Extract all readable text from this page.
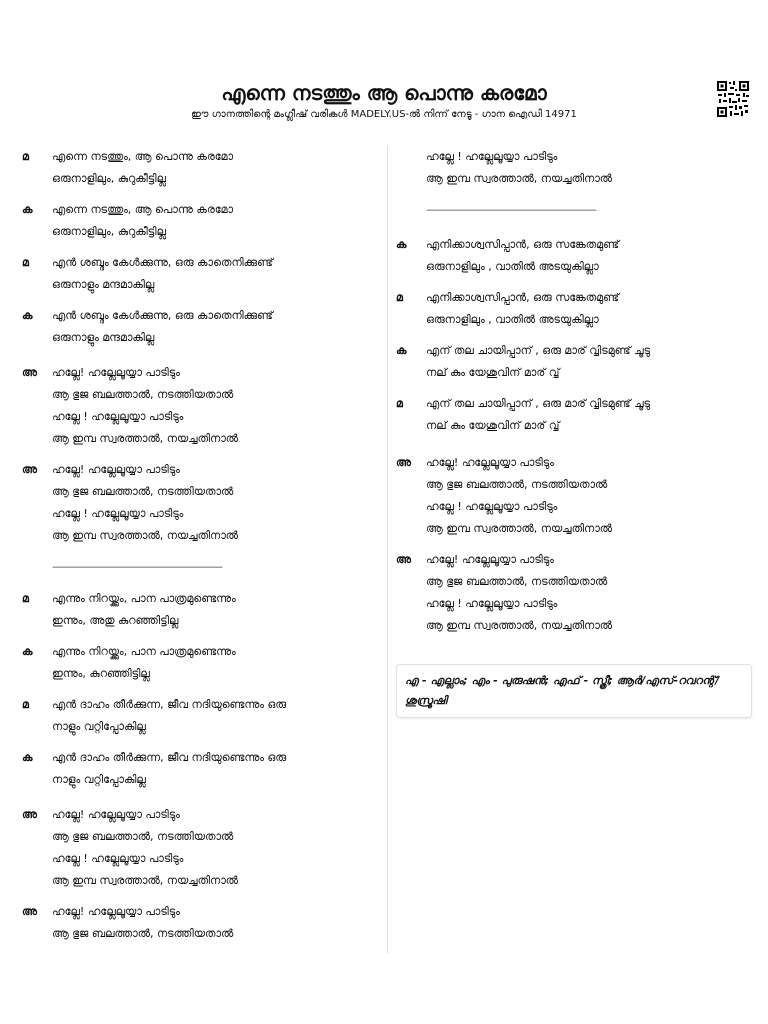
എന്നെ നടത്തും ആ പൊന്നു കരമോ
ഈ ഗാനത്തിന്റെ മംഗ്ലീഷ് വരികൾ MADELY.US-ൽ നിന്ന് നേടൂ - ഗാന ഐഡി 14971
മ	എന്നെ നടത്തും, ആ പൊന്നു കരമോ
ഒരുനാളിലും, കുറുകീട്ടില്ല
ക	എന്നെ നടത്തും, ആ പൊന്നു കരമോ
ഒരുനാളിലും, കുറുകീട്ടില്ല
മ	എൻ ശബ്ദം കേൾക്കുന്നു, ഒരു കാതെനിക്കുണ്ട്
ഒരുനാളും മന്ദമാകില്ല
ക	എൻ ശബ്ദം കേൾക്കുന്നു, ഒരു കാതെനിക്കുണ്ട്
ഒരുനാളും മന്ദമാകില്ല
അ	ഹല്ലേ! ഹല്ലേലൂയ്യാ പാടിടും
ആ ഭുജ ബലത്താൽ, നടത്തിയതാൽ
ഹല്ലേ ! ഹല്ലേലൂയ്യാ പാടിടും
ആ ഇമ്പ സ്വരത്താൽ, നയച്ചതിനാൽ
അ	ഹല്ലേ! ഹല്ലേലൂയ്യാ പാടിടും
ആ ഭുജ ബലത്താൽ, നടത്തിയതാൽ
ഹല്ലേ ! ഹല്ലേലൂയ്യാ പാടിടും
ആ ഇമ്പ സ്വരത്താൽ, നയച്ചതിനാൽ
—————————————————
മ	എന്നും നിറയ്ക്കും, പാന പാത്രമുണ്ടെന്നും
ഇന്നും, അതു കുറഞ്ഞിട്ടില്ല
ക	എന്നും നിറയ്ക്കും, പാന പാത്രമുണ്ടെന്നും
ഇന്നും, കുറഞ്ഞിട്ടില്ല
മ	എൻ ദാഹം തീർക്കുന്ന, ജീവ നദിയുണ്ടെന്നും ഒരു
നാളും വറ്റിപ്പോകില്ല
ക	എൻ ദാഹം തീർക്കുന്ന, ജീവ നദിയുണ്ടെന്നും ഒരു
നാളും വറ്റിപ്പോകില്ല
അ	ഹല്ലേ! ഹല്ലേലൂയ്യാ പാടിടും
ആ ഭുജ ബലത്താൽ, നടത്തിയതാൽ
ഹല്ലേ ! ഹല്ലേലൂയ്യാ പാടിടും
ആ ഇമ്പ സ്വരത്താൽ, നയച്ചതിനാൽ
അ	ഹല്ലേ! ഹല്ലേലൂയ്യാ പാടിടും
ആ ഭുജ ബലത്താൽ, നടത്തിയതാൽ
ഹല്ലേ ! ഹല്ലേലൂയ്യാ പാടിടും
ആ ഇമ്പ സ്വരത്താൽ, നയച്ചതിനാൽ
—————————————————
ക	എനിക്കാശ്വസിപ്പാൻ, ഒരു സങ്കേതമുണ്ട്
ഒരുനാളിലും , വാതിൽ അടയുകില്ലാ
മ	എനിക്കാശ്വസിപ്പാൻ, ഒരു സങ്കേതമുണ്ട്
ഒരുനാളിലും , വാതിൽ അടയുകില്ലാ
ക	എന് തല ചായിപ്പാന് , ഒരു മാര് വ്വിടമുണ്ട് ചൂടു
നല് കും യേശുവിന് മാര് വ്വ്
മ	എന് തല ചായിപ്പാന് , ഒരു മാര് വ്വിടമുണ്ട് ചൂടു
നല് കും യേശുവിന് മാര് വ്വ്
അ	ഹല്ലേ! ഹല്ലേലൂയ്യാ പാടിടും
ആ ഭുജ ബലത്താൽ, നടത്തിയതാൽ
ഹല്ലേ ! ഹല്ലേലൂയ്യാ പാടിടും
ആ ഇമ്പ സ്വരത്താൽ, നയച്ചതിനാൽ
അ	ഹല്ലേ! ഹല്ലേലൂയ്യാ പാടിടും
ആ ഭുജ ബലത്താൽ, നടത്തിയതാൽ
ഹല്ലേ ! ഹല്ലേലൂയ്യാ പാടിടും
ആ ഇമ്പ സ്വരത്താൽ, നയച്ചതിനാൽ
എ - എല്ലാം; എം - പുരുഷൻ; എഫ് - സ്ത്രീ; ആർ/എസ്-റവറന്റ്/ ശുസ്രൂഷി
